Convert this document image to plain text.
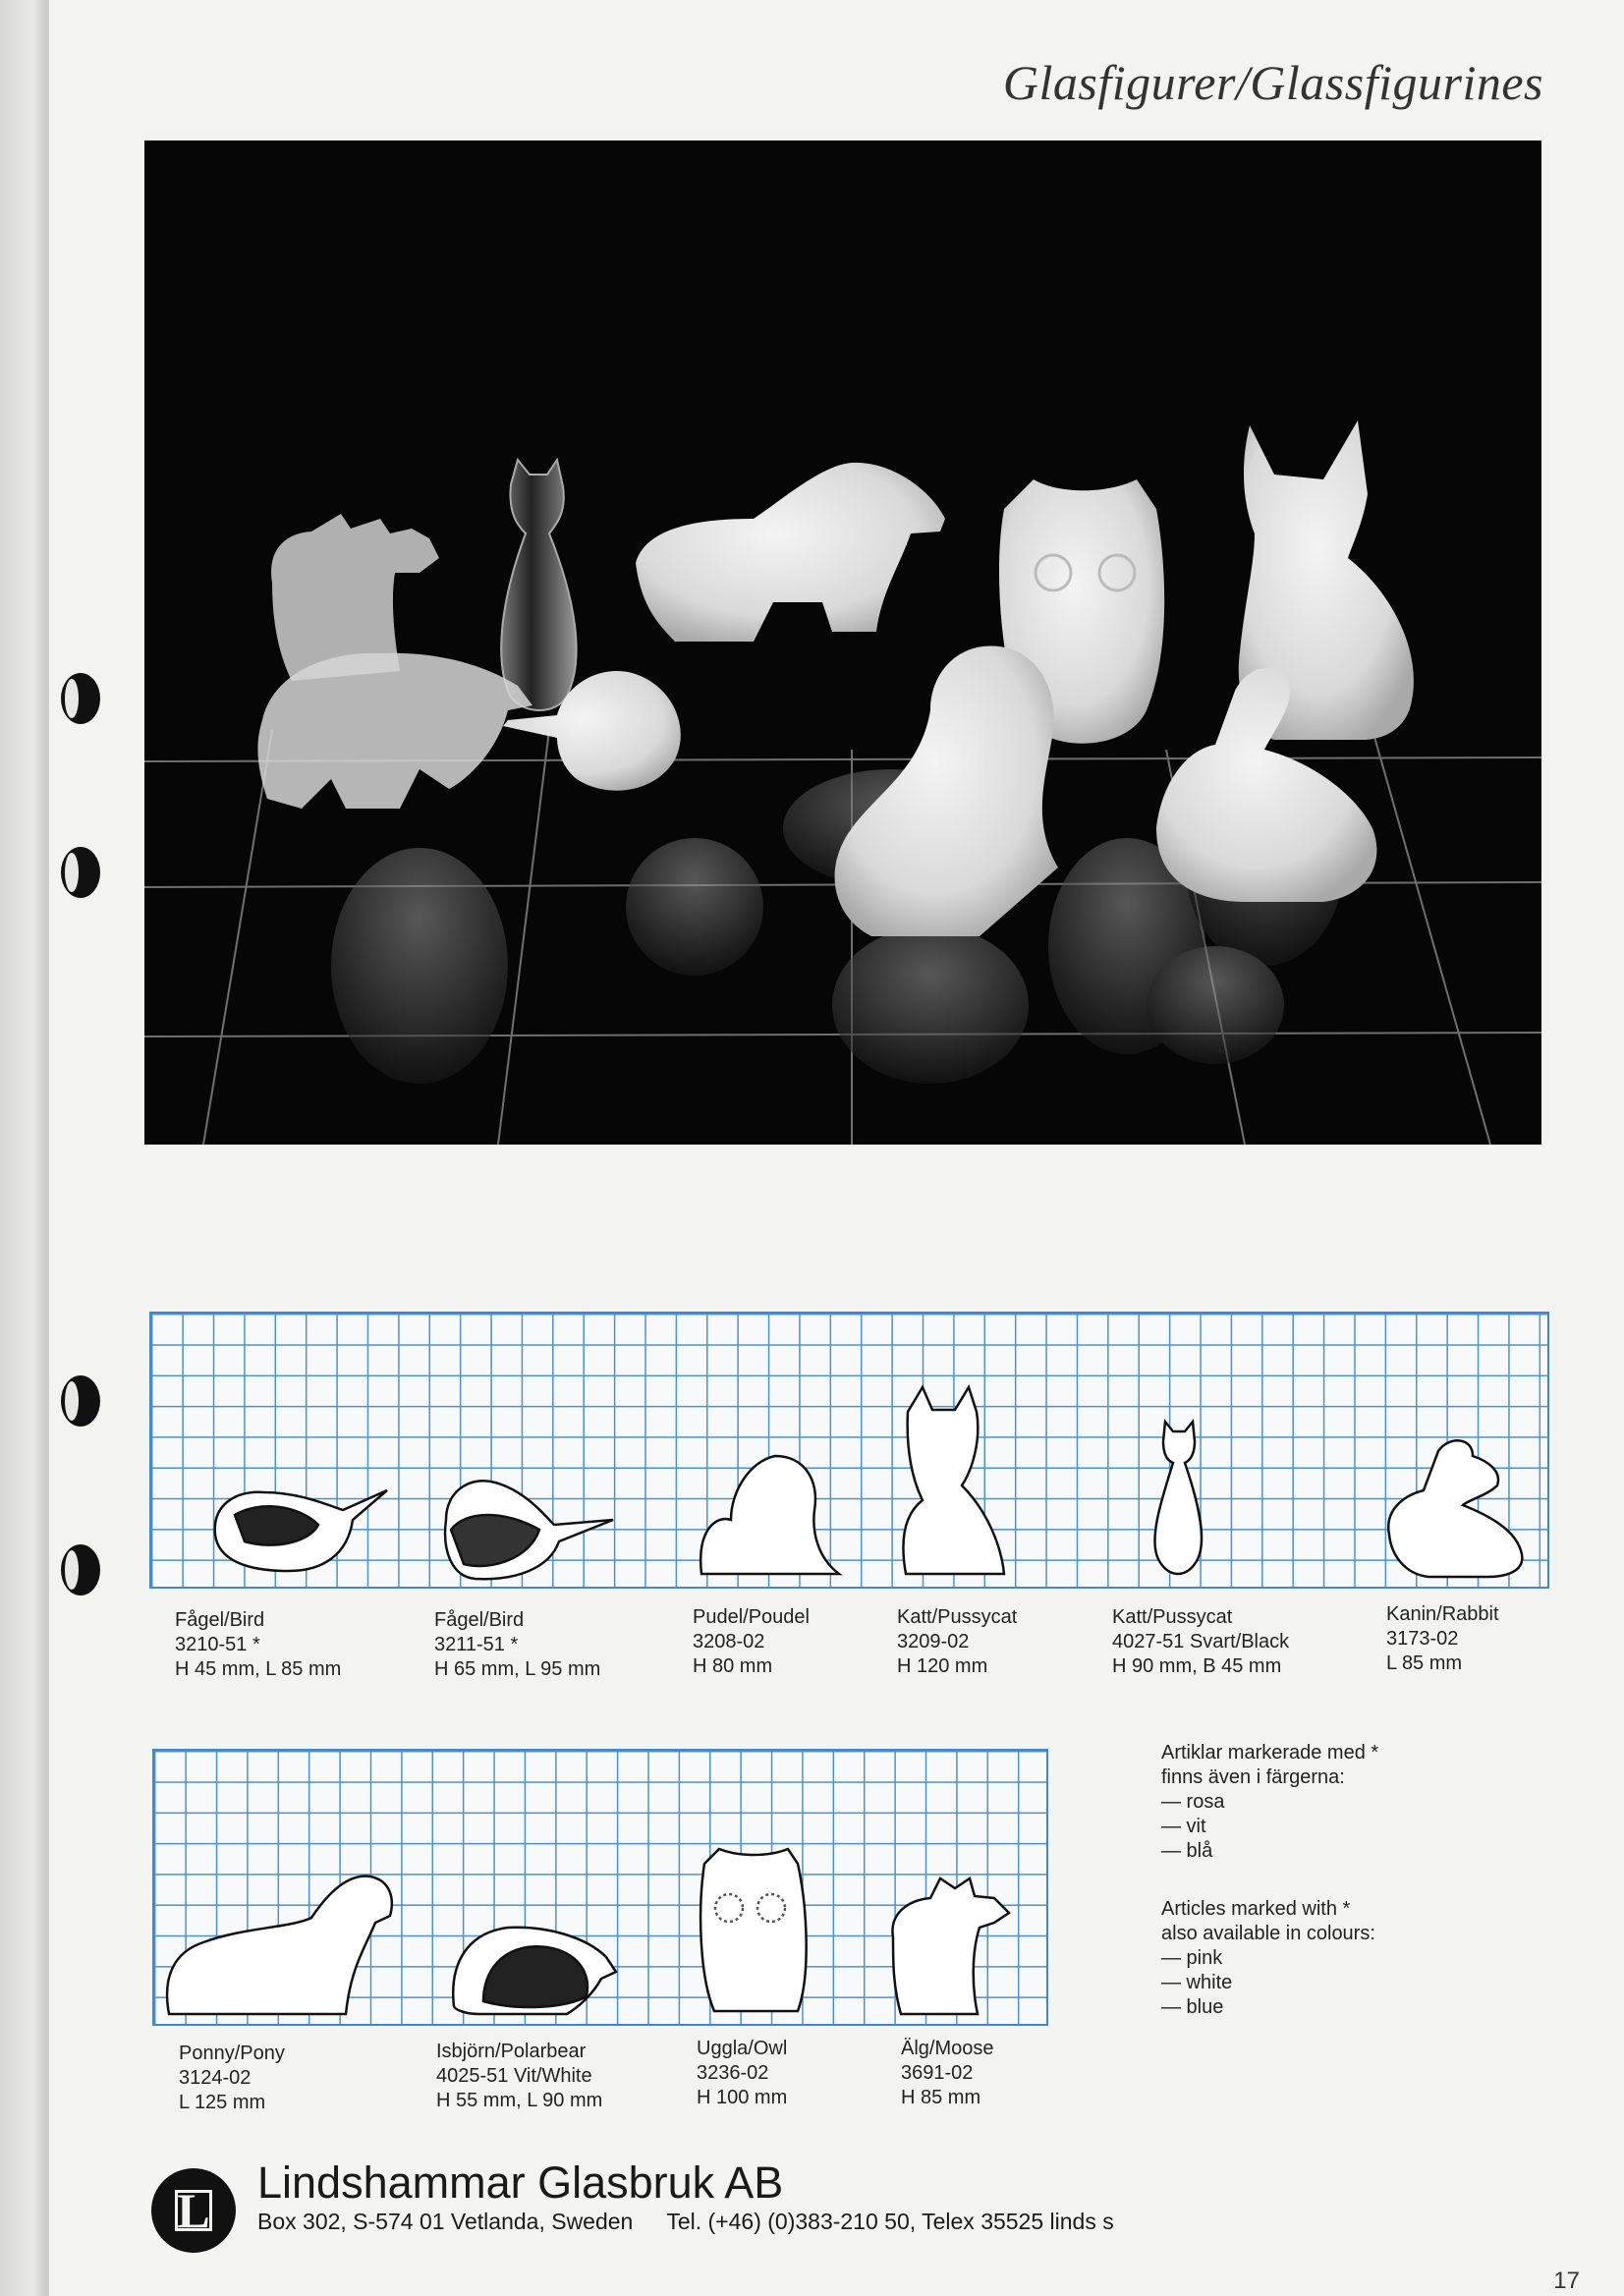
Glasfigurer/Glassfigurines
Fågel/Bird
3210-51 *
H 45 mm, L 85 mm
Fågel/Bird
3211-51 *
H 65 mm, L 95 mm
Pudel/Poudel
3208-02
H 80 mm
Katt/Pussycat
3209-02
H 120 mm
Katt/Pussycat
4027-51 Svart/Black
H 90 mm, B 45 mm
Kanin/Rabbit
3173-02
L 85 mm
Ponny/Pony
3124-02
L 125 mm
Isbjörn/Polarbear
4025-51 Vit/White
H 55 mm, L 90 mm
Uggla/Owl
3236-02
H 100 mm
Älg/Moose
3691-02
H 85 mm
Artiklar markerade med *
finns även i färgerna:
— rosa
— vit
— blå
Articles marked with *
also available in colours:
— pink
— white
— blue
L
Lindshammar Glasbruk AB
Box 302, S-574 01 Vetlanda, Sweden Tel. (+46) (0)383-210 50, Telex 35525 linds s
17
